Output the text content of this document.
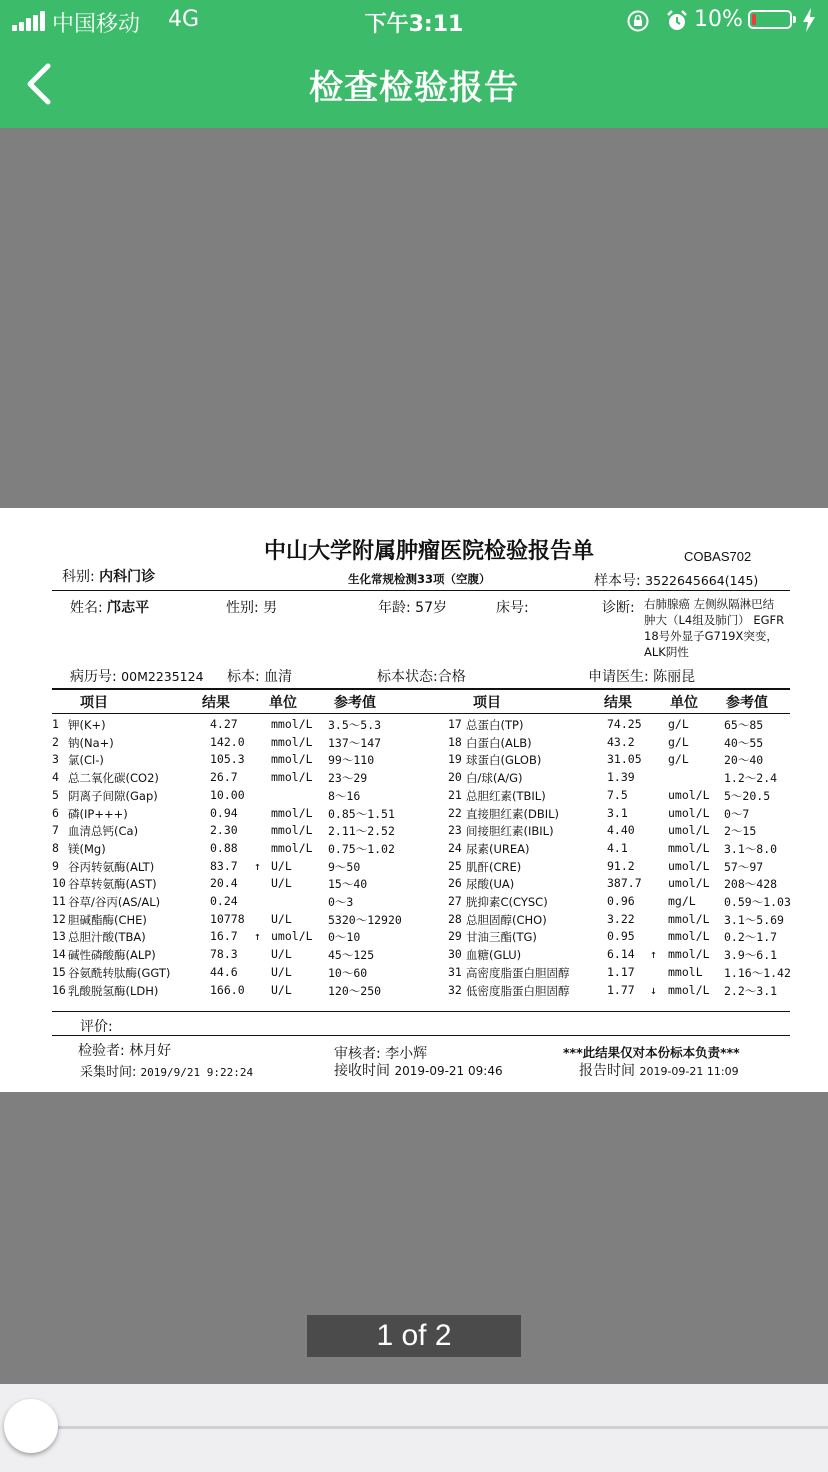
中国移动 4G	下午3:11
	10%
检查检验报告
中山大学附属肿瘤医院检验报告单	COBAS702
科别: 内科门诊	生化常规检测33项（空腹）	样本号: 3522645664(145)
姓名: 邝志平	性别: 男	年龄: 57岁	床号:	诊断: 右肺腺癌 左侧纵隔淋巴结
肿大（L4组及肺门） EGFR
18号外显子G719X突变，
ALK阴性
病历号: 00M2235124 标本: 血清	标本状态:合格	申请医生: 陈丽昆
项目	结果	单位	参考值	项目	结果	单位 参考值
1 钾(K+)	4.27	mmol/L 3.5～5.3
2 钠(Na+)	142.0 mmol/L 137～147
3 氯(Cl-)	105.3 mmol/L 99～110
4 总二氧化碳(CO2)	26.7	mmol/L 23～29
5 阴离子间隙(Gap)	10.00	8～16
6 磷(IP+++)	0.94	mmol/L 0.85～1.51
7 血清总钙(Ca)	2.30	mmol/L 2.11～2.52
8 镁(Mg)	0.88	mmol/L 0.75～1.02
9 谷丙转氨酶(ALT)	83.7 ↑ U/L	9～50
10 谷草转氨酶(AST)	20.4	U/L	15～40
11 谷草/谷丙(AS/AL)	0.24	0～3
12 胆碱酯酶(CHE)	10778 U/L	5320～12920
13 总胆汁酸(TBA)	16.7 ↑ umol/L 0～10
14 碱性磷酸酶(ALP)	78.3	U/L	45～125
15 谷氨酰转肽酶(GGT)	44.6	U/L	10～60
16 乳酸脱氢酶(LDH)	166.0 U/L	120～250
17 总蛋白(TP)	74.25 g/L	65～85
18 白蛋白(ALB)	43.2	g/L	40～55
19 球蛋白(GLOB)	31.05 g/L	20～40
20 白/球(A/G)	1.39	1.2～2.4
21 总胆红素(TBIL)	7.5	umol/L 5～20.5
22 直接胆红素(DBIL)	3.1	umol/L 0～7
23 间接胆红素(IBIL)	4.40	umol/L 2～15
24 尿素(UREA)	4.1	mmol/L 3.1～8.0
25 肌酐(CRE)	91.2	umol/L 57～97
26 尿酸(UA)	387.7 umol/L 208～428
27 胱抑素C(CYSC)	0.96	mg/L 0.59～1.03
28 总胆固醇(CHO)	3.22	mmol/L 3.1～5.69
29 甘油三酯(TG)	0.95	mmol/L 0.2～1.7
30 血糖(GLU)	6.14 ↑ mmol/L 3.9～6.1
31 高密度脂蛋白胆固醇	1.17	mmolL 1.16～1.42
32 低密度脂蛋白胆固醇	1.77 ↓ mmol/L 2.2～3.1
评价:
检验者: 林月好	审核者: 李小辉	***此结果仅对本份标本负责***
采集时间: 2019/9/21 9:22:24	接收时间 2019-09-21 09:46	报告时间 2019-09-21 11:09
1 of 2
